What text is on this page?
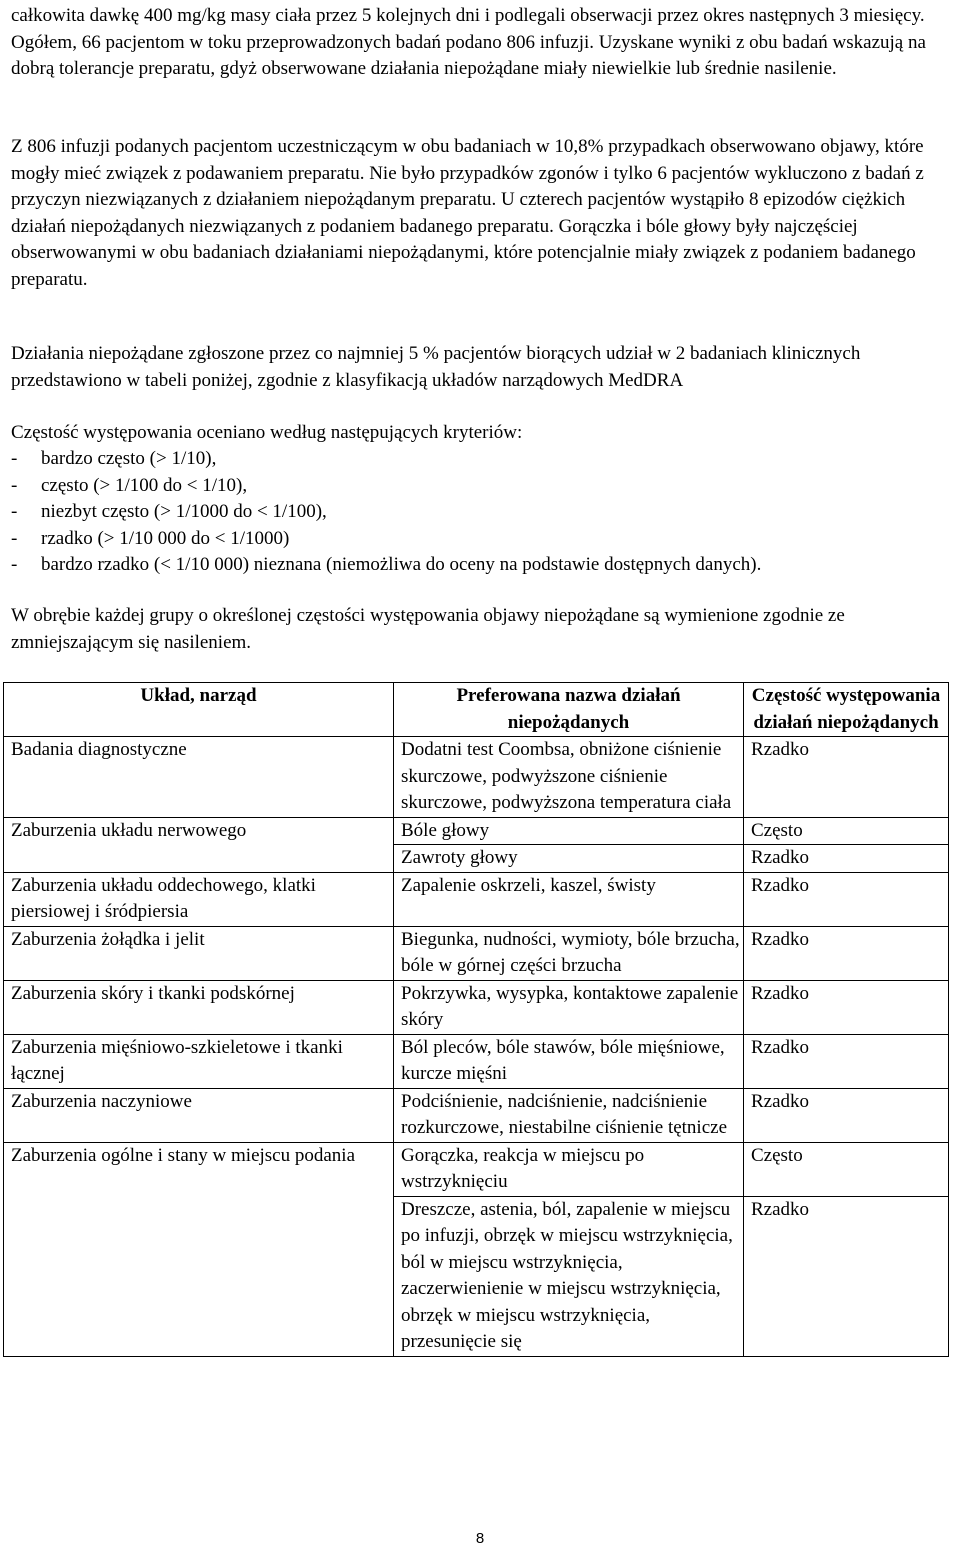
całkowita dawkę 400 mg/kg masy ciała przez 5 kolejnych dni i podlegali obserwacji przez okres następnych 3 miesięcy. Ogółem, 66 pacjentom w toku przeprowadzonych badań podano 806 infuzji. Uzyskane wyniki z obu badań wskazują na dobrą tolerancje preparatu, gdyż obserwowane działania niepożądane miały niewielkie lub średnie nasilenie.

Z 806 infuzji podanych pacjentom uczestniczącym w obu badaniach w 10,8% przypadkach obserwowano objawy, które mogły mieć związek z podawaniem preparatu. Nie było przypadków zgonów i tylko 6 pacjentów wykluczono z badań z przyczyn niezwiązanych z działaniem niepożądanym preparatu. U czterech pacjentów wystąpiło 8 epizodów ciężkich działań niepożądanych niezwiązanych z podaniem badanego preparatu. Gorączka i bóle głowy były najczęściej obserwowanymi w obu badaniach działaniami niepożądanymi, które potencjalnie miały związek z podaniem badanego preparatu.

Działania niepożądane zgłoszone przez co najmniej 5 % pacjentów biorących udział w 2 badaniach klinicznych przedstawiono w tabeli poniżej, zgodnie z klasyfikacją układów narządowych MedDRA

Częstość występowania oceniano według następujących kryteriów:

- bardzo często (> 1/10),
- często (> 1/100 do < 1/10),
- niezbyt często (> 1/1000 do < 1/100),
- rzadko (> 1/10 000 do < 1/1000)
- bardzo rzadko (< 1/10 000) nieznana (niemożliwa do oceny na podstawie dostępnych danych).

W obrębie każdej grupy o określonej częstości występowania objawy niepożądane są wymienione zgodnie ze zmniejszającym się nasileniem.

Układ, narząd	Preferowana nazwa działań niepożądanych	Częstość występowania działań niepożądanych
Badania diagnostyczne	Dodatni test Coombsa, obniżone ciśnienie skurczowe, podwyższone ciśnienie skurczowe, podwyższona temperatura ciała	Rzadko
Zaburzenia układu nerwowego	Bóle głowy	Często
	Zawroty głowy	Rzadko
Zaburzenia układu oddechowego, klatki piersiowej i śródpiersia	Zapalenie oskrzeli, kaszel, świsty	Rzadko
Zaburzenia żołądka i jelit	Biegunka, nudności, wymioty, bóle brzucha, bóle w górnej części brzucha	Rzadko
Zaburzenia skóry i tkanki podskórnej	Pokrzywka, wysypka, kontaktowe zapalenie skóry	Rzadko
Zaburzenia mięśniowo-szkieletowe i tkanki łącznej	Ból pleców, bóle stawów, bóle mięśniowe, kurcze mięśni	Rzadko
Zaburzenia naczyniowe	Podciśnienie, nadciśnienie, nadciśnienie rozkurczowe, niestabilne ciśnienie tętnicze	Rzadko
Zaburzenia ogólne i stany w miejscu podania	Gorączka, reakcja w miejscu po wstrzyknięciu	Często
	Dreszcze, astenia, ból, zapalenie w miejscu po infuzji, obrzęk w miejscu wstrzyknięcia, ból w miejscu wstrzyknięcia, zaczerwienienie w miejscu wstrzyknięcia, obrzęk w miejscu wstrzyknięcia, przesunięcie się	Rzadko
8
